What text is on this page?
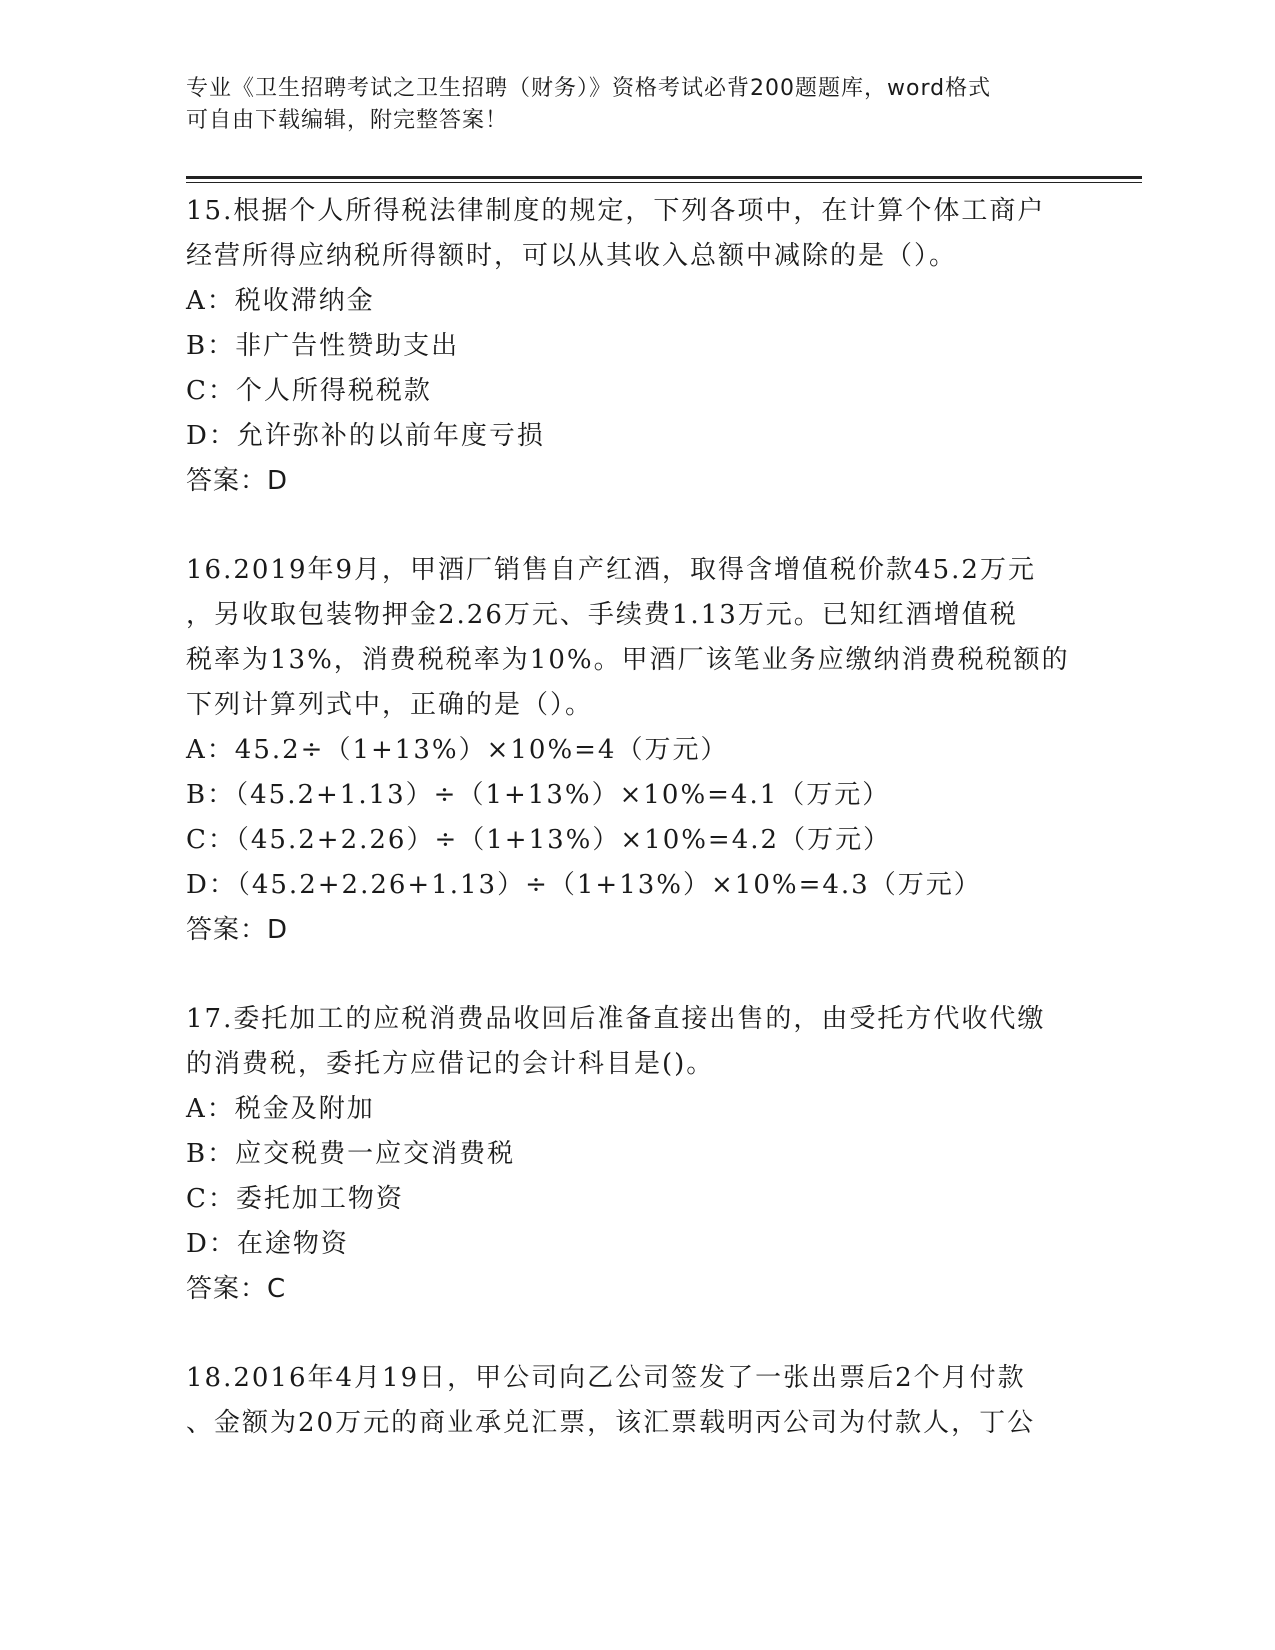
专业《卫生招聘考试之卫生招聘（财务）》资格考试必背200题题库，word格式
可自由下载编辑，附完整答案！
15.根据个人所得税法律制度的规定，下列各项中，在计算个体工商户
经营所得应纳税所得额时，可以从其收入总额中减除的是（）。
A：税收滞纳金
B：非广告性赞助支出
C：个人所得税税款
D：允许弥补的以前年度亏损
答案：D
16.2019年9月，甲酒厂销售自产红酒，取得含增值税价款45.2万元
，另收取包装物押金2.26万元、手续费1.13万元。已知红酒增值税
税率为13%，消费税税率为10%。甲酒厂该笔业务应缴纳消费税税额的
下列计算列式中，正确的是（）。
A：45.2÷（1+13%）×10%=4（万元）
B：（45.2+1.13）÷（1+13%）×10%=4.1（万元）
C：（45.2+2.26）÷（1+13%）×10%=4.2（万元）
D：（45.2+2.26+1.13）÷（1+13%）×10%=4.3（万元）
答案：D
17.委托加工的应税消费品收回后准备直接出售的，由受托方代收代缴
的消费税，委托方应借记的会计科目是()。
A：税金及附加
B：应交税费一应交消费税
C：委托加工物资
D：在途物资
答案：C
18.2016年4月19日，甲公司向乙公司签发了一张出票后2个月付款
、金额为20万元的商业承兑汇票，该汇票载明丙公司为付款人，丁公
